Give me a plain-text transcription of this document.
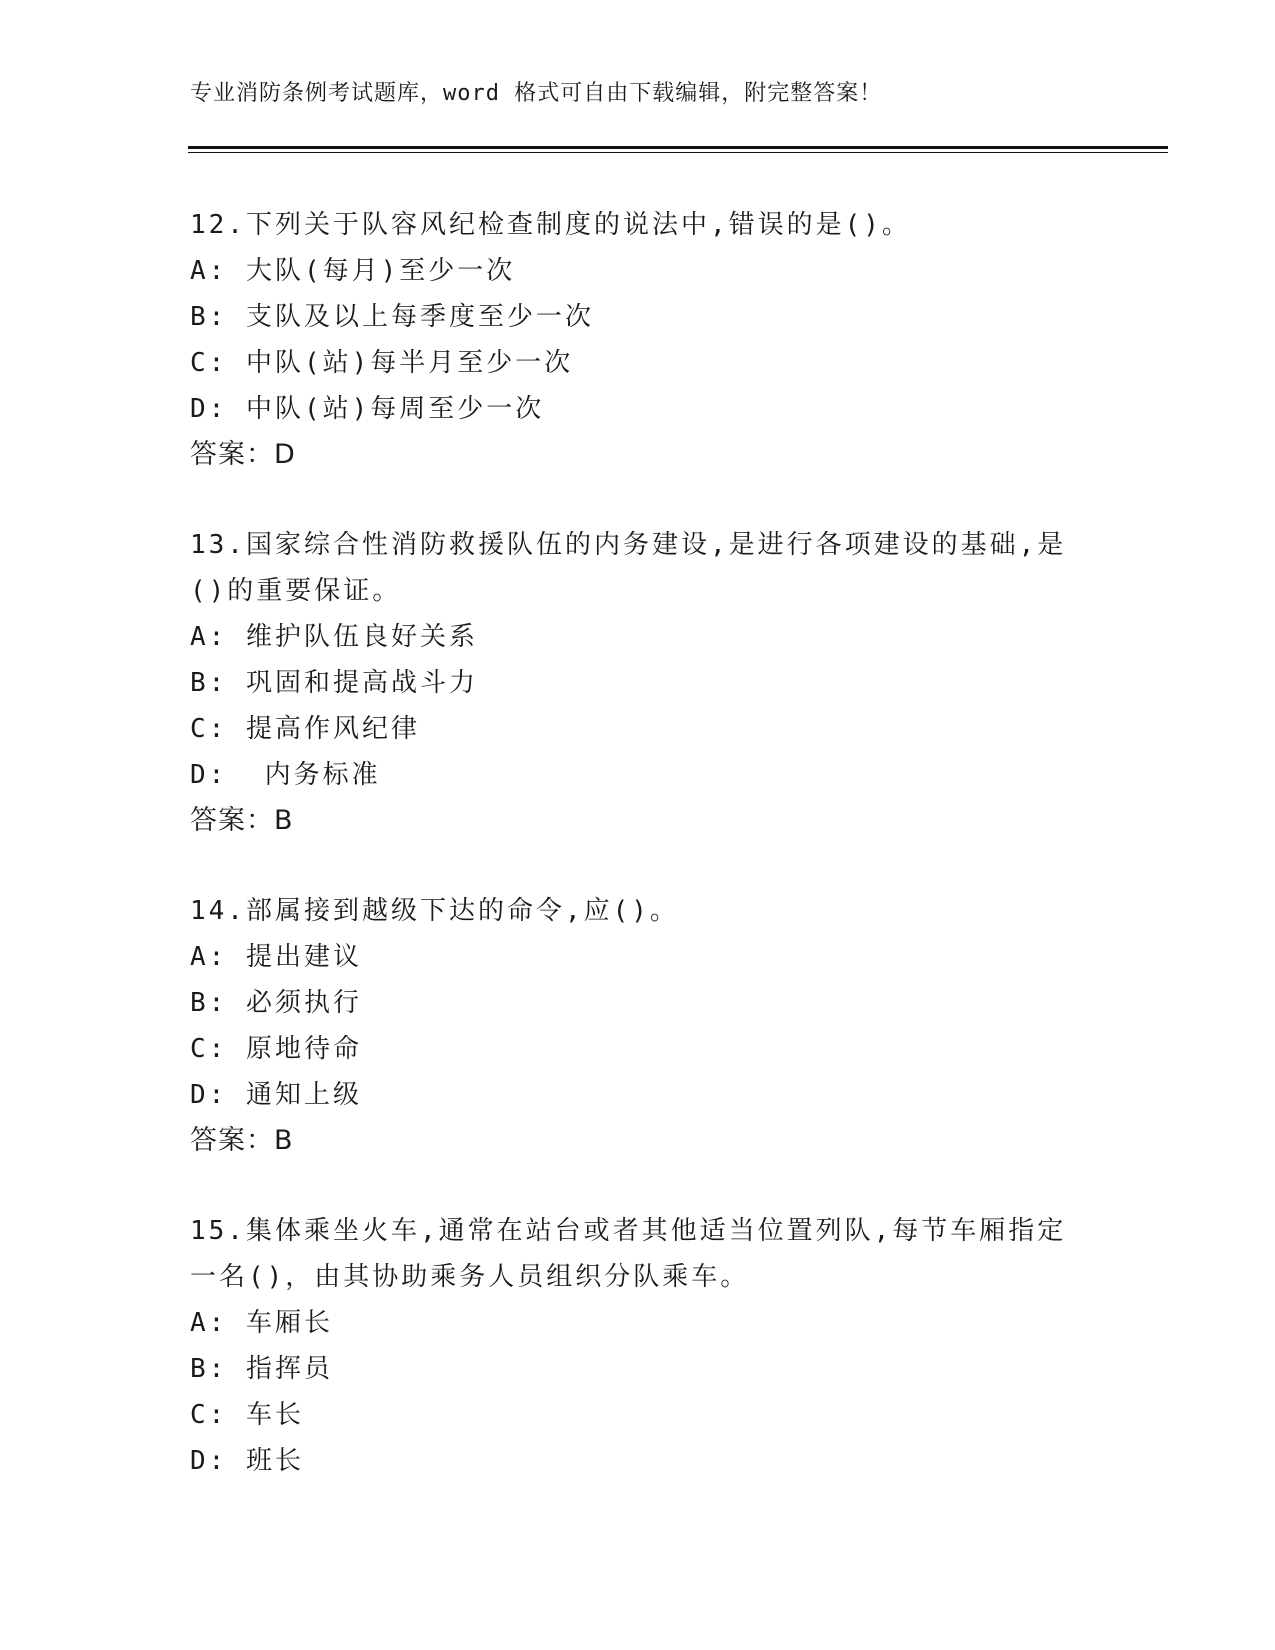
专业消防条例考试题库，word 格式可自由下载编辑，附完整答案！

12.下列关于队容风纪检查制度的说法中,错误的是()。

A: 大队(每月)至少一次

B: 支队及以上每季度至少一次

C: 中队(站)每半月至少一次

D: 中队(站)每周至少一次

答案：D

13.国家综合性消防救援队伍的内务建设,是进行各项建设的基础,是()的重要保证。

A: 维护队伍良好关系

B: 巩固和提高战斗力

C: 提高作风纪律

D:  内务标准

答案：B

14.部属接到越级下达的命令,应()。

A: 提出建议

B: 必须执行

C: 原地待命

D: 通知上级

答案：B

15.集体乘坐火车,通常在站台或者其他适当位置列队,每节车厢指定一名()，由其协助乘务人员组织分队乘车。

A: 车厢长

B: 指挥员

C: 车长

D: 班长
